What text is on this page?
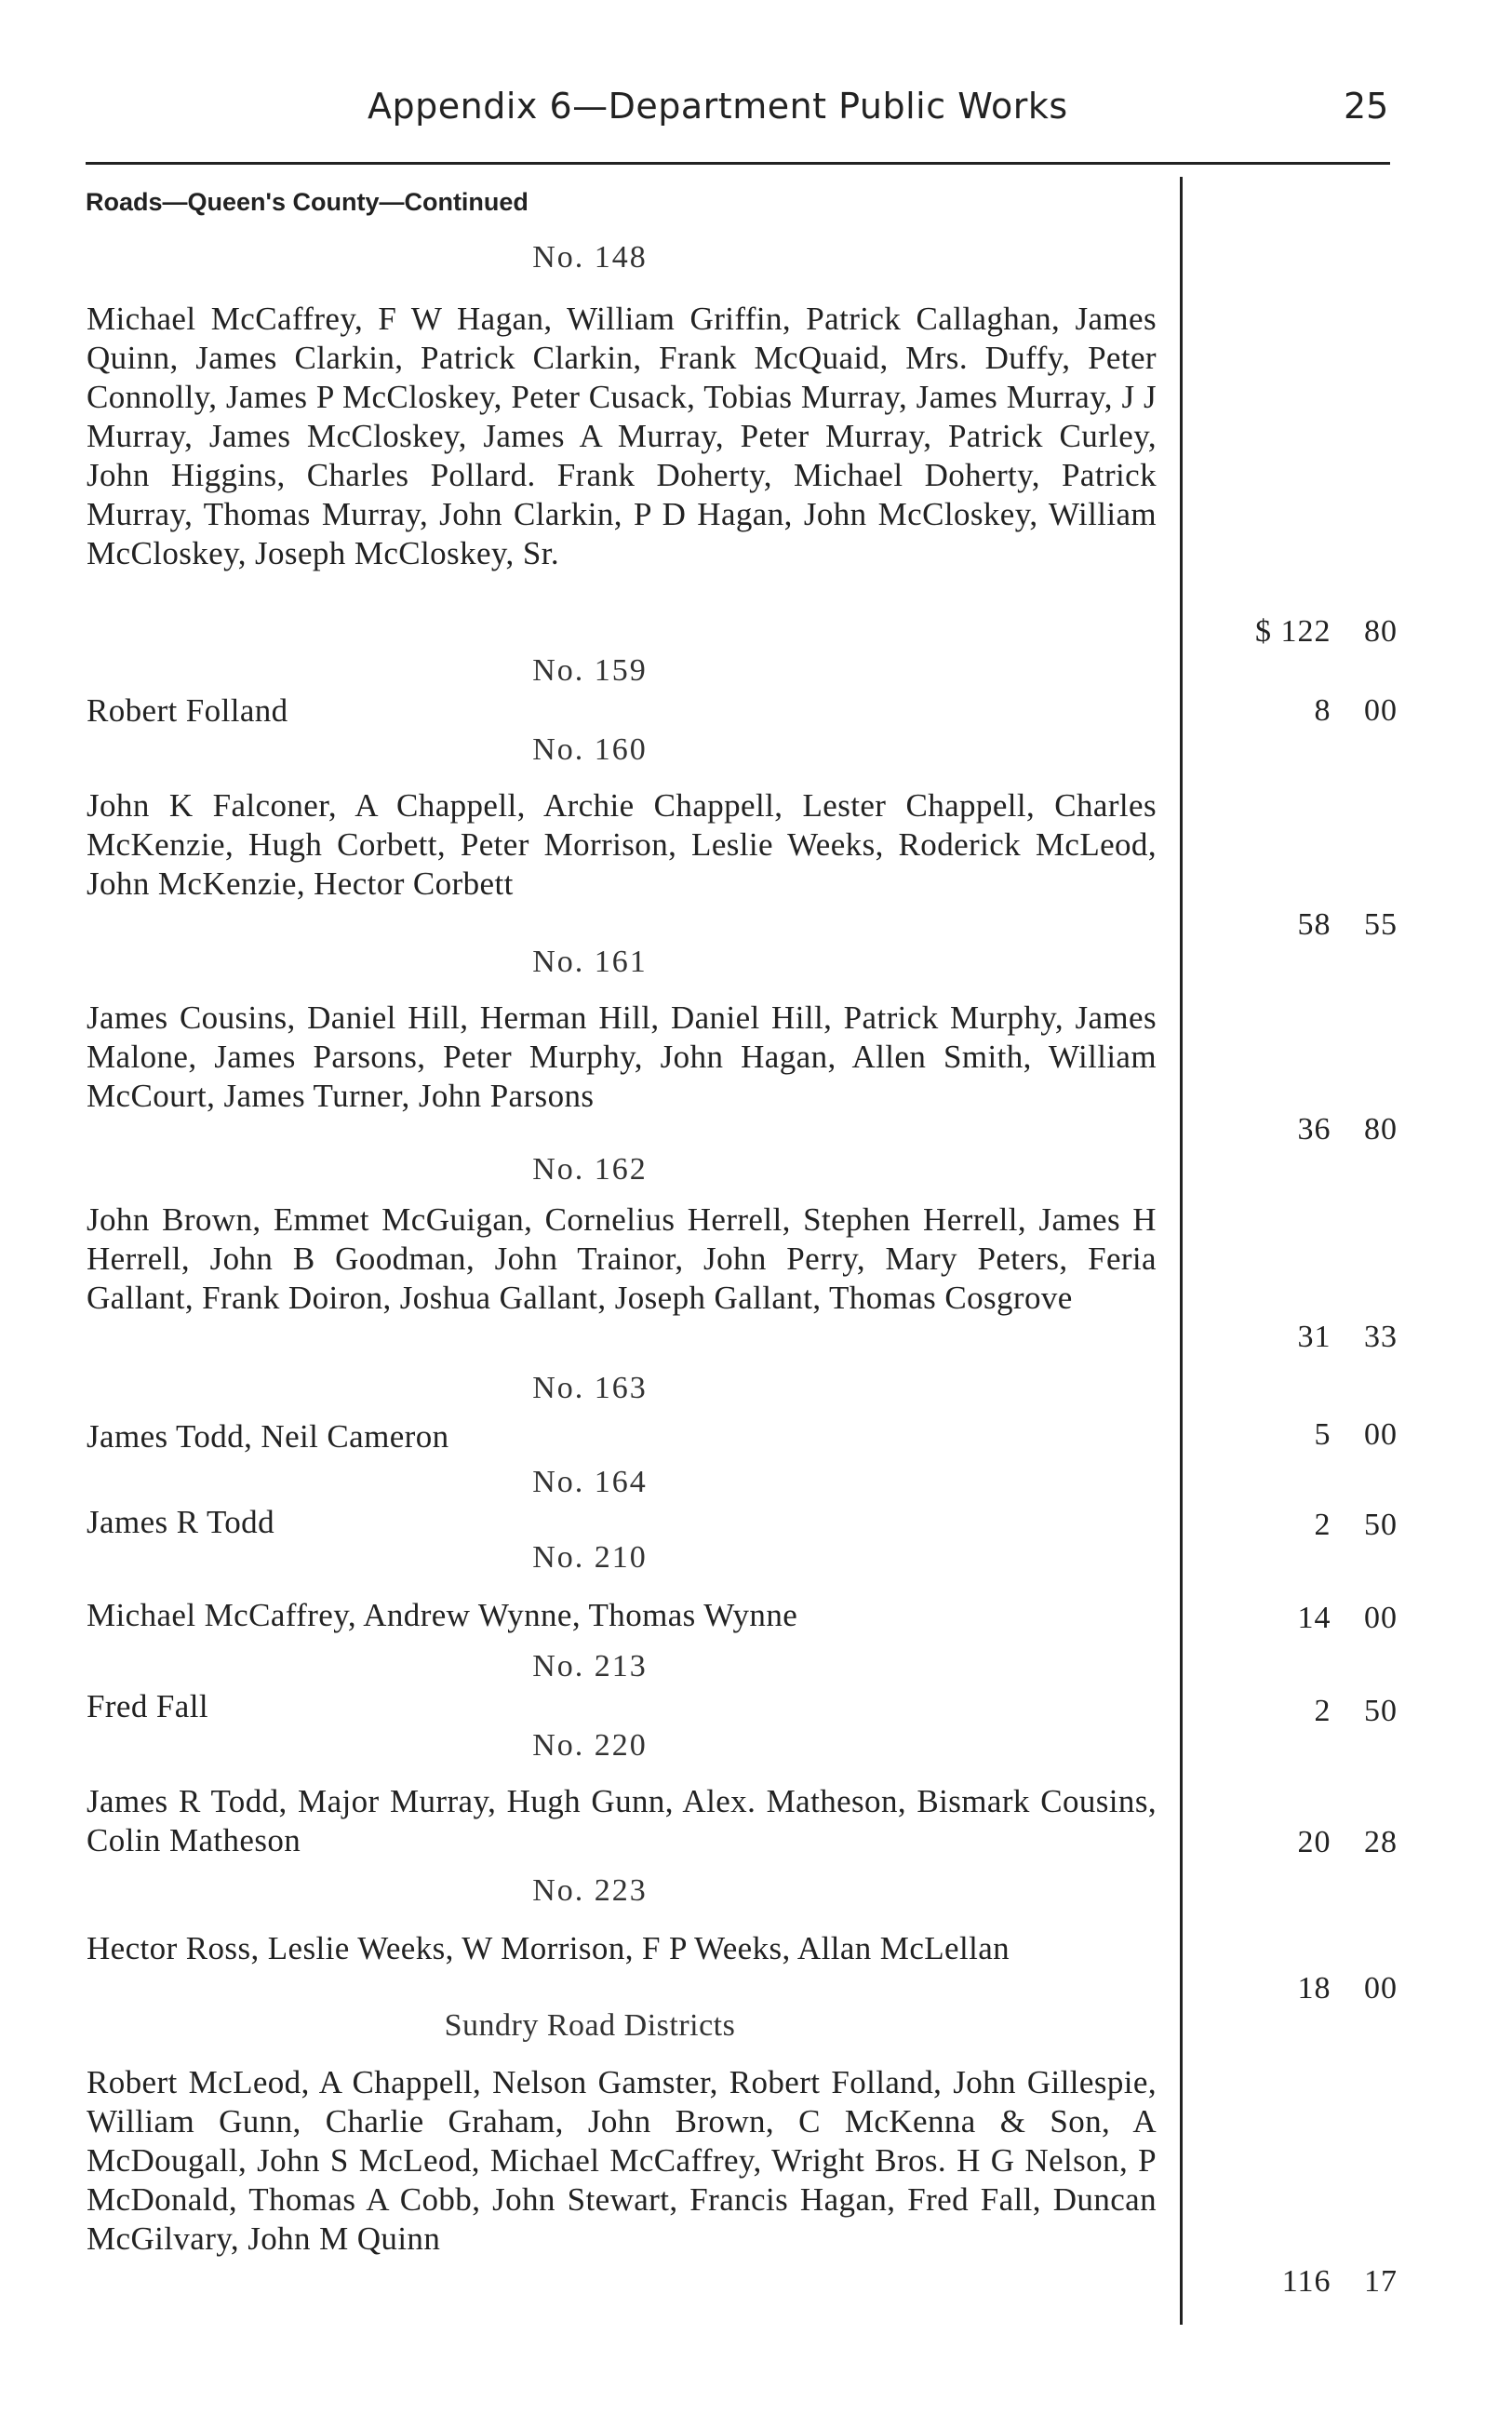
Appendix 6—Department Public Works	25
Roads—Queen's County—Continued
No. 148
Michael McCaffrey, F W Hagan, William Griffin, Patrick Callaghan, James Quinn, James Clarkin, Patrick Clarkin, Frank McQuaid, Mrs. Duffy, Peter Connolly, James P McCloskey, Peter Cusack, Tobias Murray, James Murray, J J Murray, James McCloskey, James A Murray, Peter Murray, Patrick Curley, John Higgins, Charles Pollard. Frank Doherty, Michael Doherty, Patrick Murray, Thomas Murray, John Clarkin, P D Hagan, John McCloskey, William McCloskey, Joseph McCloskey, Sr.
$ 122 80
No. 159
Robert Folland	8 00
No. 160
John K Falconer, A Chappell, Archie Chappell, Lester Chappell, Charles McKenzie, Hugh Corbett, Peter Morrison, Leslie Weeks, Roderick McLeod, John McKenzie, Hector Corbett
58 55
No. 161
James Cousins, Daniel Hill, Herman Hill, Daniel Hill, Patrick Murphy, James Malone, James Parsons, Peter Murphy, John Hagan, Allen Smith, William McCourt, James Turner, John Parsons
36 80
No. 162
John Brown, Emmet McGuigan, Cornelius Herrell, Stephen Herrell, James H Herrell, John B Goodman, John Trainor, John Perry, Mary Peters, Feria Gallant, Frank Doiron, Joshua Gallant, Joseph Gallant, Thomas Cosgrove
31 33
No. 163
James Todd, Neil Cameron	5 00
No. 164
James R Todd	2 50
No. 210
Michael McCaffrey, Andrew Wynne, Thomas Wynne	14 00
No. 213
Fred Fall	2 50
No. 220
James R Todd, Major Murray, Hugh Gunn, Alex. Matheson, Bismark Cousins, Colin Matheson	20 28
No. 223
Hector Ross, Leslie Weeks, W Morrison, F P Weeks, Allan McLellan
18 00
Sundry Road Districts
Robert McLeod, A Chappell, Nelson Gamster, Robert Folland, John Gillespie, William Gunn, Charlie Graham, John Brown, C McKenna & Son, A McDougall, John S McLeod, Michael McCaffrey, Wright Bros. H G Nelson, P McDonald, Thomas A Cobb, John Stewart, Francis Hagan, Fred Fall, Duncan McGilvary, John M Quinn
116 17
